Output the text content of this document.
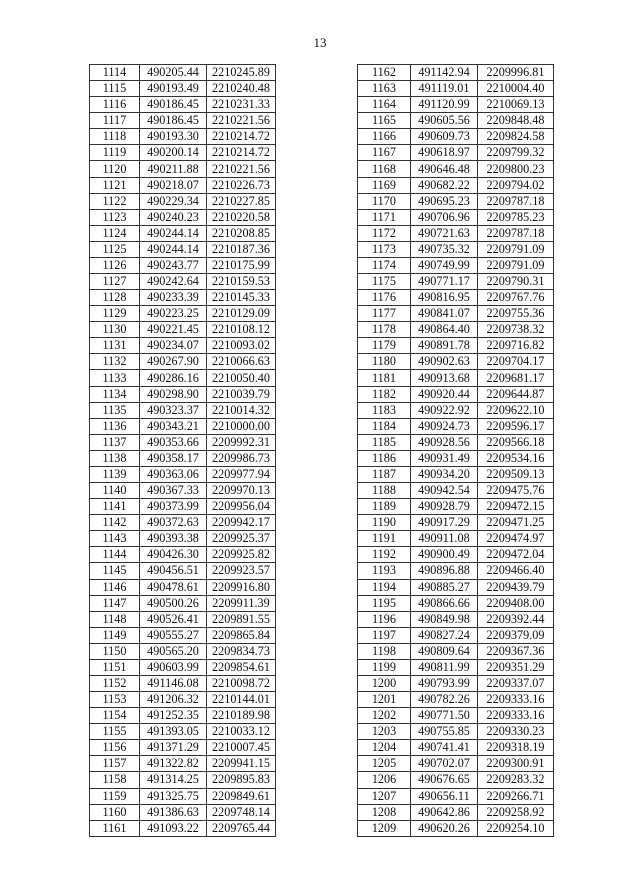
13
1114	490205.44	2210245.89
1115	490193.49	2210240.48
1116	490186.45	2210231.33
1117	490186.45	2210221.56
1118	490193.30	2210214.72
1119	490200.14	2210214.72
1120	490211.88	2210221.56
1121	490218.07	2210226.73
1122	490229.34	2210227.85
1123	490240.23	2210220.58
1124	490244.14	2210208.85
1125	490244.14	2210187.36
1126	490243.77	2210175.99
1127	490242.64	2210159.53
1128	490233.39	2210145.33
1129	490223.25	2210129.09
1130	490221.45	2210108.12
1131	490234.07	2210093.02
1132	490267.90	2210066.63
1133	490286.16	2210050.40
1134	490298.90	2210039.79
1135	490323.37	2210014.32
1136	490343.21	2210000.00
1137	490353.66	2209992.31
1138	490358.17	2209986.73
1139	490363.06	2209977.94
1140	490367.33	2209970.13
1141	490373.99	2209956.04
1142	490372.63	2209942.17
1143	490393.38	2209925.37
1144	490426.30	2209925.82
1145	490456.51	2209923.57
1146	490478.61	2209916.80
1147	490500.26	2209911.39
1148	490526.41	2209891.55
1149	490555.27	2209865.84
1150	490565.20	2209834.73
1151	490603.99	2209854.61
1152	491146.08	2210098.72
1153	491206.32	2210144.01
1154	491252.35	2210189.98
1155	491393.05	2210033.12
1156	491371.29	2210007.45
1157	491322.82	2209941.15
1158	491314.25	2209895.83
1159	491325.75	2209849.61
1160	491386.63	2209748.14
1161	491093.22	2209765.44
1162	491142.94	2209996.81
1163	491119.01	2210004.40
1164	491120.99	2210069.13
1165	490605.56	2209848.48
1166	490609.73	2209824.58
1167	490618.97	2209799.32
1168	490646.48	2209800.23
1169	490682.22	2209794.02
1170	490695.23	2209787.18
1171	490706.96	2209785.23
1172	490721.63	2209787.18
1173	490735.32	2209791.09
1174	490749.99	2209791.09
1175	490771.17	2209790.31
1176	490816.95	2209767.76
1177	490841.07	2209755.36
1178	490864.40	2209738.32
1179	490891.78	2209716.82
1180	490902.63	2209704.17
1181	490913.68	2209681.17
1182	490920.44	2209644.87
1183	490922.92	2209622.10
1184	490924.73	2209596.17
1185	490928.56	2209566.18
1186	490931.49	2209534.16
1187	490934.20	2209509.13
1188	490942.54	2209475.76
1189	490928.79	2209472.15
1190	490917.29	2209471.25
1191	490911.08	2209474.97
1192	490900.49	2209472.04
1193	490896.88	2209466.40
1194	490885.27	2209439.79
1195	490866.66	2209408.00
1196	490849.98	2209392.44
1197	490827.24	2209379.09
1198	490809.64	2209367.36
1199	490811.99	2209351.29
1200	490793.99	2209337.07
1201	490782.26	2209333.16
1202	490771.50	2209333.16
1203	490755.85	2209330.23
1204	490741.41	2209318.19
1205	490702.07	2209300.91
1206	490676.65	2209283.32
1207	490656.11	2209266.71
1208	490642.86	2209258.92
1209	490620.26	2209254.10
